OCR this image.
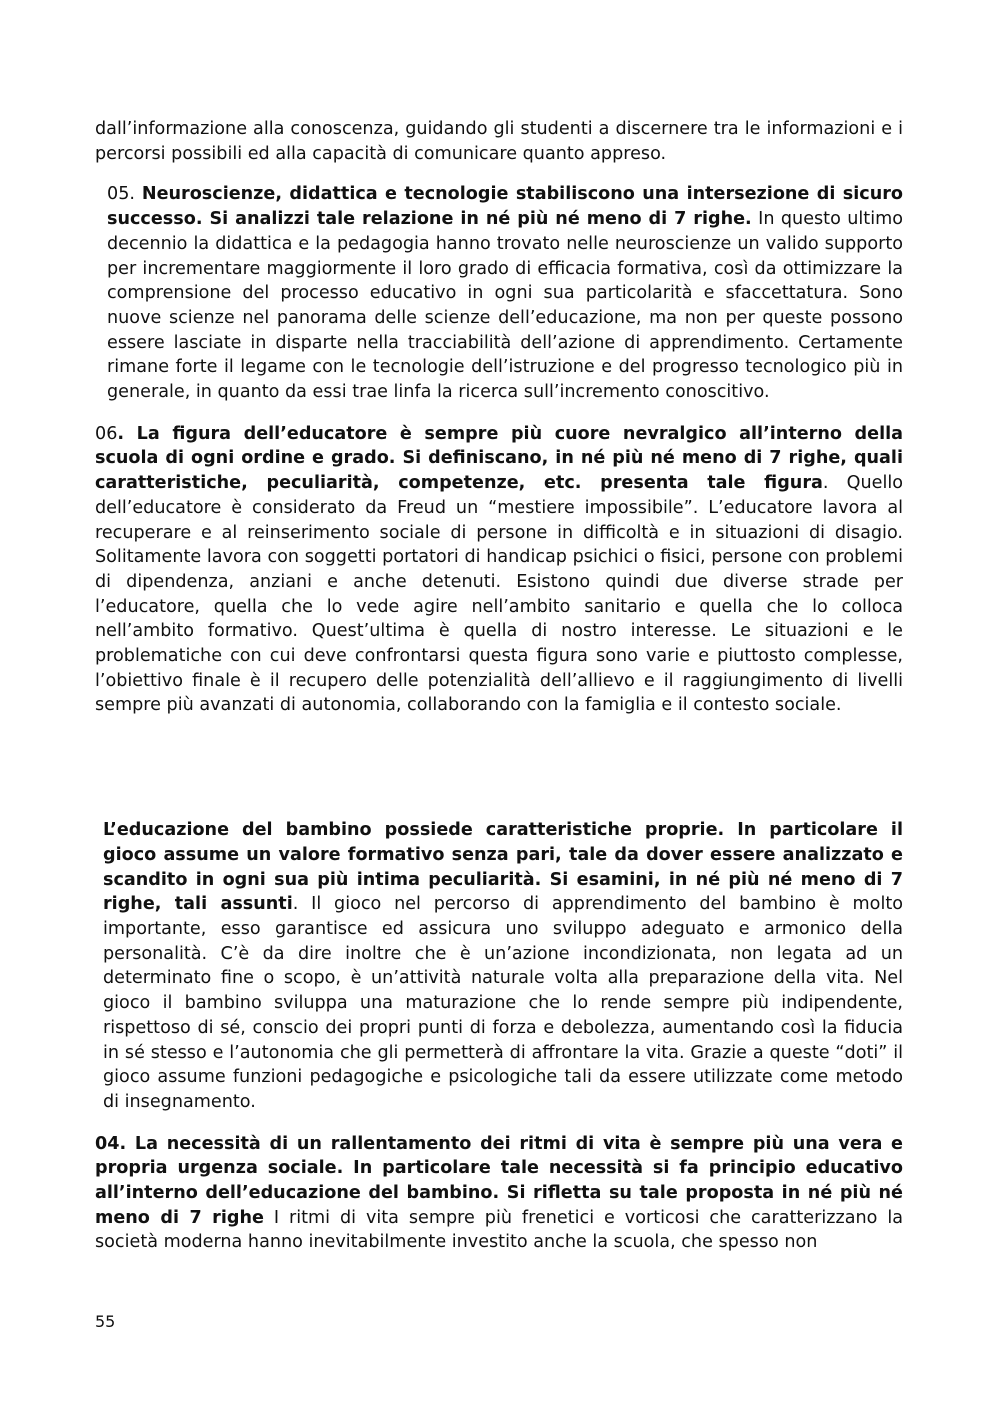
dall’informazione alla conoscenza, guidando gli studenti a discernere tra le informazioni e i percorsi possibili ed alla capacità di comunicare quanto appreso.

05. Neuroscienze, didattica e tecnologie stabiliscono una intersezione di sicuro successo. Si analizzi tale relazione in né più né meno di 7 righe. In questo ultimo decennio la didattica e la pedagogia hanno trovato nelle neuroscienze un valido supporto per incrementare maggiormente il loro grado di efficacia formativa, così da ottimizzare la comprensione del processo educativo in ogni sua particolarità e sfaccettatura. Sono nuove scienze nel panorama delle scienze dell’educazione, ma non per queste possono essere lasciate in disparte nella tracciabilità dell’azione di apprendimento. Certamente rimane forte il legame con le tecnologie dell’istruzione e del progresso tecnologico più in generale, in quanto da essi trae linfa la ricerca sull’incremento conoscitivo.

06. La figura dell’educatore è sempre più cuore nevralgico all’interno della scuola di ogni ordine e grado. Si definiscano, in né più né meno di 7 righe, quali caratteristiche, peculiarità, competenze, etc. presenta tale figura. Quello dell’educatore è considerato da Freud un “mestiere impossibile”. L’educatore lavora al recuperare e al reinserimento sociale di persone in difficoltà e in situazioni di disagio. Solitamente lavora con soggetti portatori di handicap psichici o fisici, persone con problemi di dipendenza, anziani e anche detenuti. Esistono quindi due diverse strade per l’educatore, quella che lo vede agire nell’ambito sanitario e quella che lo colloca nell’ambito formativo. Quest’ultima è quella di nostro interesse. Le situazioni e le problematiche con cui deve confrontarsi questa figura sono varie e piuttosto complesse, l’obiettivo finale è il recupero delle potenzialità dell’allievo e il raggiungimento di livelli sempre più avanzati di autonomia, collaborando con la famiglia e il contesto sociale.

L’educazione del bambino possiede caratteristiche proprie. In particolare il gioco assume un valore formativo senza pari, tale da dover essere analizzato e scandito in ogni sua più intima peculiarità. Si esamini, in né più né meno di 7 righe, tali assunti. Il gioco nel percorso di apprendimento del bambino è molto importante, esso garantisce ed assicura uno sviluppo adeguato e armonico della personalità. C’è da dire inoltre che è un’azione incondizionata, non legata ad un determinato fine o scopo, è un’attività naturale volta alla preparazione della vita. Nel gioco il bambino sviluppa una maturazione che lo rende sempre più indipendente, rispettoso di sé, conscio dei propri punti di forza e debolezza, aumentando così la fiducia in sé stesso e l’autonomia che gli permetterà di affrontare la vita. Grazie a queste “doti” il gioco assume funzioni pedagogiche e psicologiche tali da essere utilizzate come metodo di insegnamento.

04. La necessità di un rallentamento dei ritmi di vita è sempre più una vera e propria urgenza sociale. In particolare tale necessità si fa principio educativo all’interno dell’educazione del bambino. Si rifletta su tale proposta in né più né meno di 7 righe I ritmi di vita sempre più frenetici e vorticosi che caratterizzano la società moderna hanno inevitabilmente investito anche la scuola, che spesso non

55
